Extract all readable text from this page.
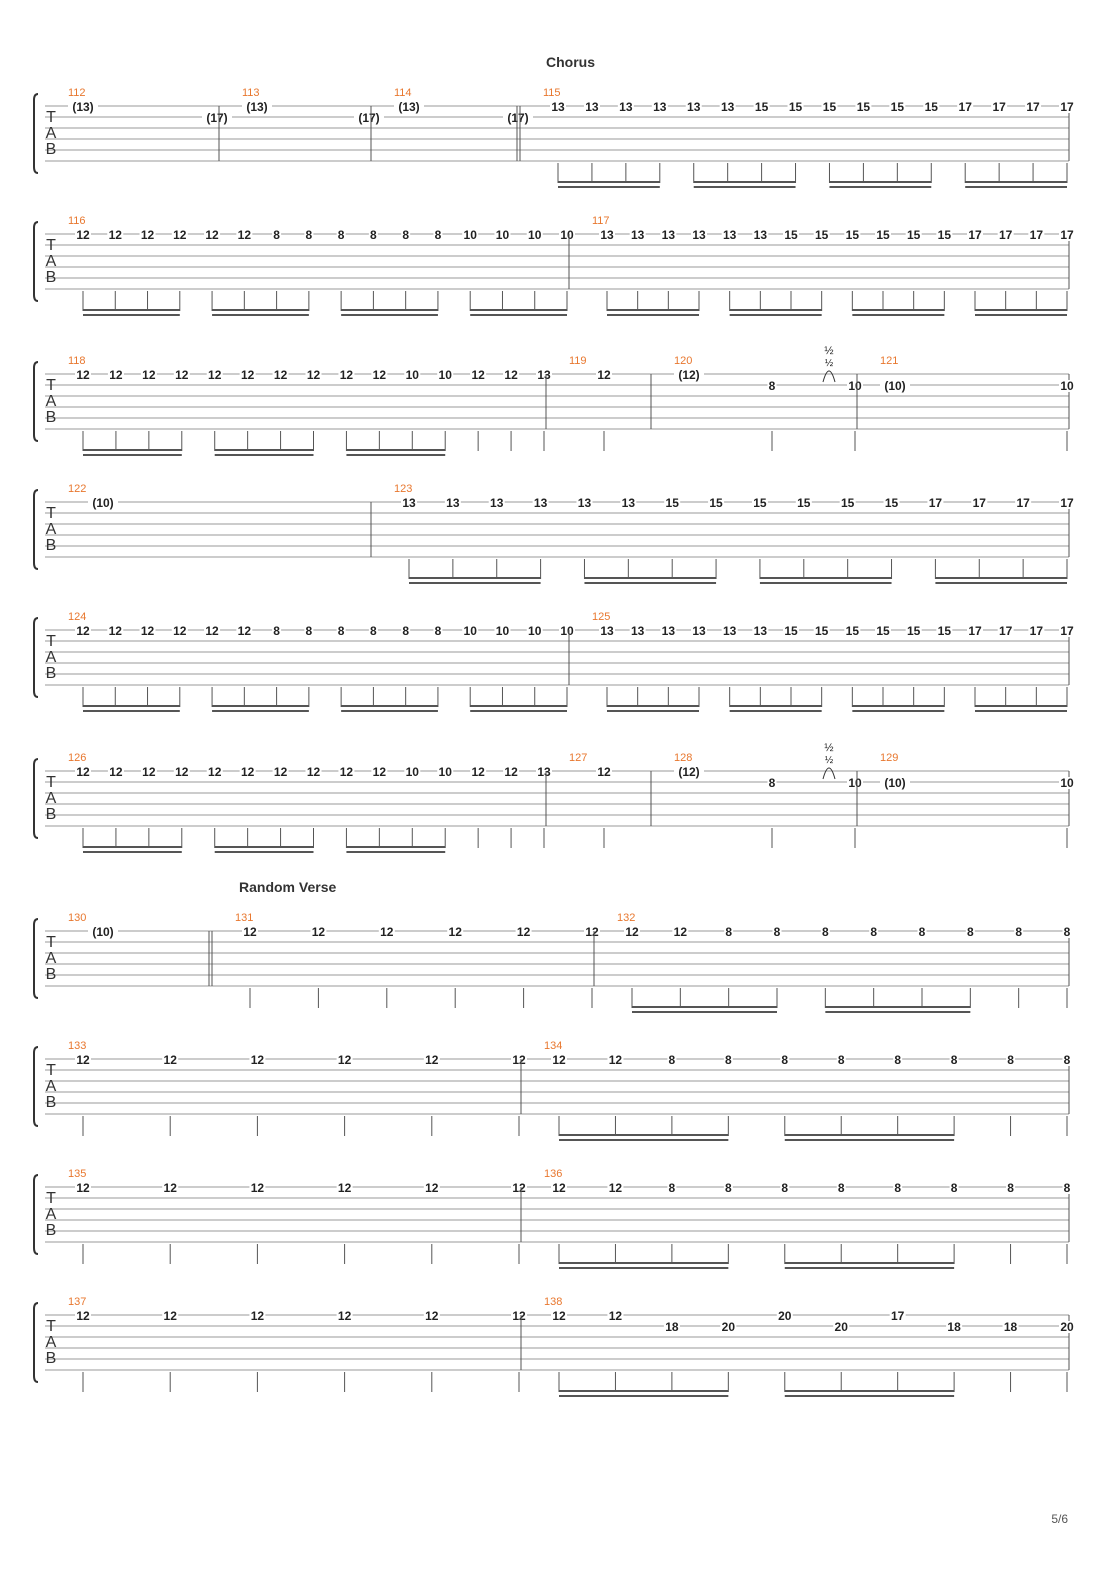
Chorus
Random Verse
5/6
T
A
B
112
(13)
(17)
113
(13)
(17)
114
(13)
(17)
115
13 13 13 13 13 13 15 15 15 15 15 15 17 17 17 17
T
A
B
116
12 12 12 12 12 12 8 8 8 8 8 8 10 10 10 10
117
13 13 13 13 13 13 15 15 15 15 15 15 17 17 17 17
T
A
B
118
12 12 12 12 12 12 12 12 12 12 10 10 12 12 13
119
12
120
(12)
8	10
121
(10)	10
T
A
B
122
(10)
123
13	13	13	13	13	13	15	15	15	15	15	15	17	17	17	17
T
A
B
124
12 12 12 12 12 12 8 8 8 8 8 8 10 10 10 10
125
13 13 13 13 13 13 15 15 15 15 15 15 17 17 17 17
T
A
B
126
12 12 12 12 12 12 12 12 12 12 10 10 12 12 13
127
12
128
(12)
8	10
129
(10)	10
T
A
B
130
(10)
131
12	12	12	12	12	12
132
12	12	8	8	8	8	8	8	8	8
T
A
B
133
12	12	12	12	12	12
134
12	12	8	8	8	8	8	8	8	8
T
A
B
135
12	12	12	12	12	12
136
12	12	8	8	8	8	8	8	8	8
T
A
B
137
12	12	12	12	12	12
138
12	12
18	20
20
20
17
18	18	20
½
½
½
½
